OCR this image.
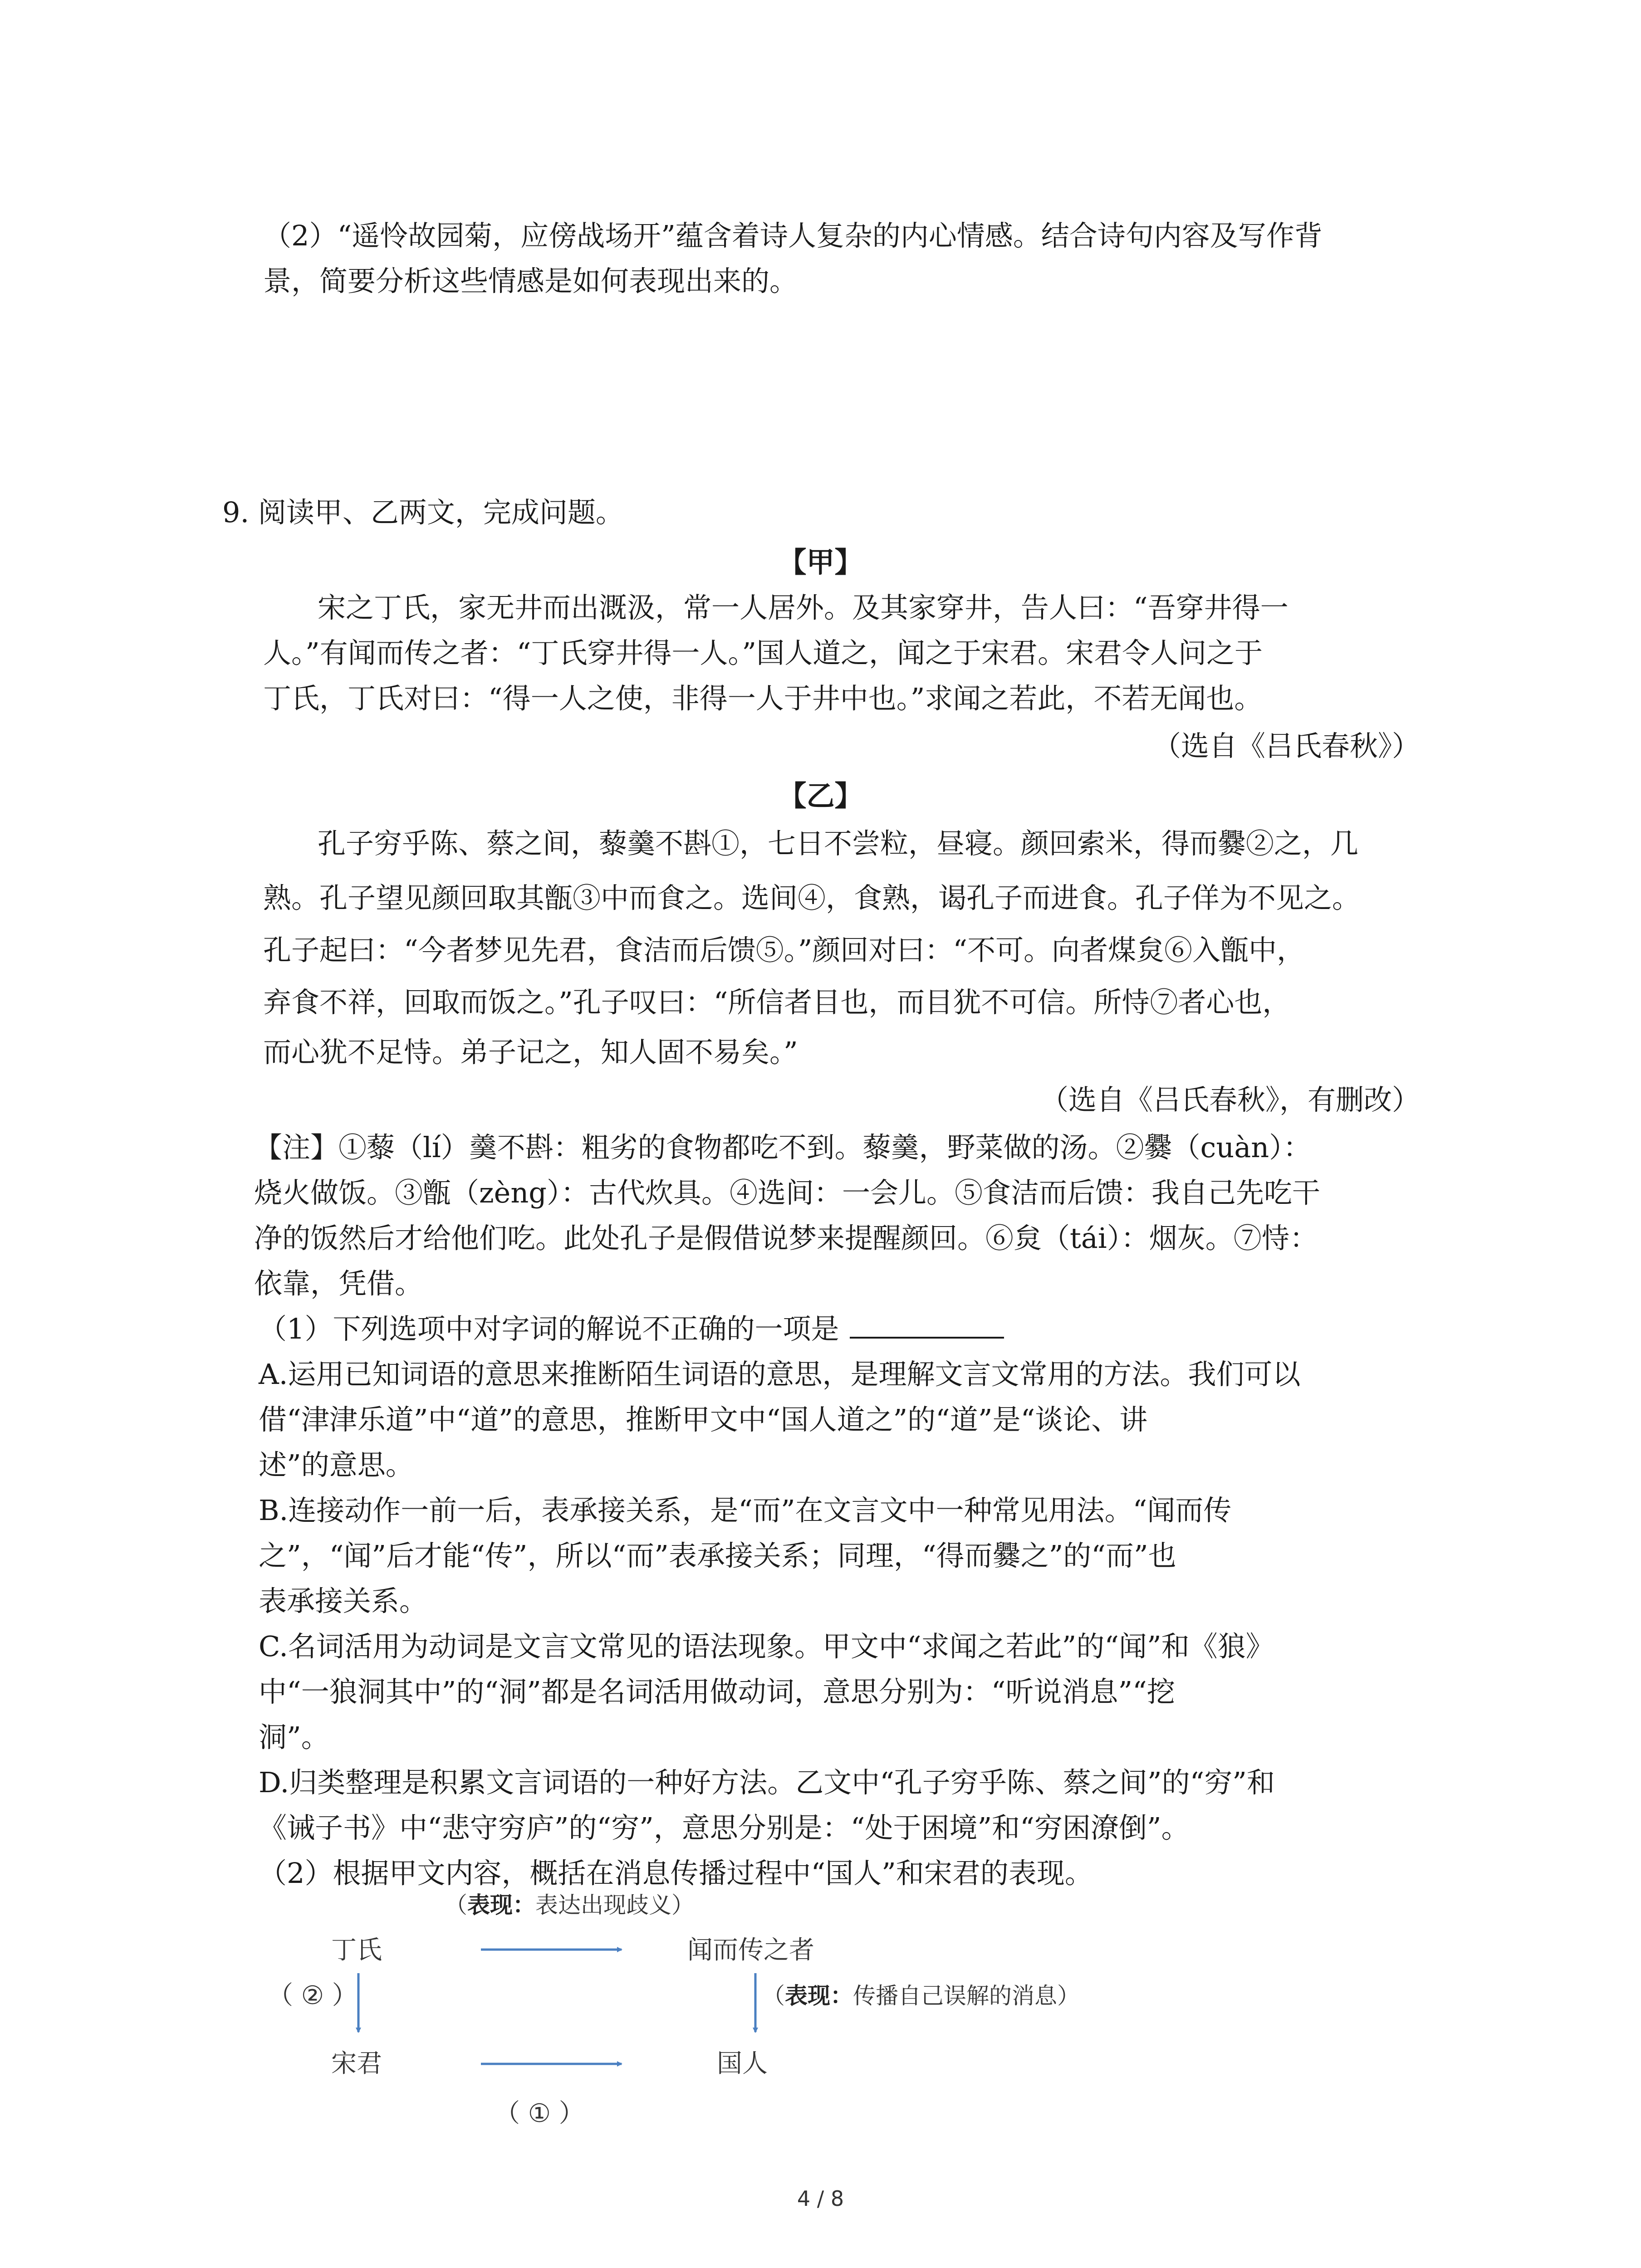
（2）“遥怜故园菊，应傍战场开”蕴含着诗人复杂的内心情感。结合诗句内容及写作背
景，简要分析这些情感是如何表现出来的。
9. 阅读甲、乙两文，完成问题。
【甲】
宋之丁氏，家无井而出溉汲，常一人居外。及其家穿井，告人曰：“吾穿井得一
人。”有闻而传之者：“丁氏穿井得一人。”国人道之，闻之于宋君。宋君令人问之于
丁氏，丁氏对曰：“得一人之使，非得一人于井中也。”求闻之若此，不若无闻也。
（选自《吕氏春秋》）
【乙】
孔子穷乎陈、蔡之间，藜羹不斟①，七日不尝粒，昼寝。颜回索米，得而爨②之，几
熟。孔子望见颜回取其甑③中而食之。选间④，食熟，谒孔子而进食。孔子佯为不见之。
孔子起曰：“今者梦见先君，食洁而后馈⑤。”颜回对曰：“不可。向者煤炱⑥入甑中，
弃食不祥，回取而饭之。”孔子叹曰：“所信者目也，而目犹不可信。所恃⑦者心也，
而心犹不足恃。弟子记之，知人固不易矣。”
（选自《吕氏春秋》，有删改）
【注】①藜（lí）羹不斟：粗劣的食物都吃不到。藜羹，野菜做的汤。②爨（cuàn）：
烧火做饭。③甑（zèng）：古代炊具。④选间：一会儿。⑤食洁而后馈：我自己先吃干
净的饭然后才给他们吃。此处孔子是假借说梦来提醒颜回。⑥炱（tái）：烟灰。⑦恃：
依靠，凭借。
（1）下列选项中对字词的解说不正确的一项是
A.运用已知词语的意思来推断陌生词语的意思，是理解文言文常用的方法。我们可以
借“津津乐道”中“道”的意思，推断甲文中“国人道之”的“道”是“谈论、讲
述”的意思。
B.连接动作一前一后，表承接关系，是“而”在文言文中一种常见用法。“闻而传
之”，“闻”后才能“传”，所以“而”表承接关系；同理，“得而爨之”的“而”也
表承接关系。
C.名词活用为动词是文言文常见的语法现象。甲文中“求闻之若此”的“闻”和《狼》
中“一狼洞其中”的“洞”都是名词活用做动词，意思分别为：“听说消息”“挖
洞”。
D.归类整理是积累文言词语的一种好方法。乙文中“孔子穷乎陈、蔡之间”的“穷”和
《诫子书》中“悲守穷庐”的“穷”，意思分别是：“处于困境”和“穷困潦倒”。
（2）根据甲文内容，概括在消息传播过程中“国人”和宋君的表现。
（表现：表达出现歧义）
丁氏	闻而传之者
（ ② ）	（表现：传播自己误解的消息）
宋君	国人
（ ① ）
4 / 8
